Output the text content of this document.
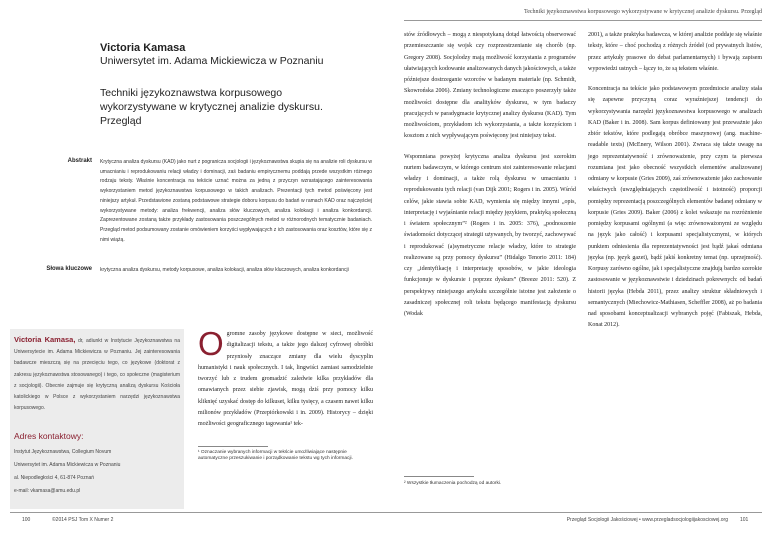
Techniki językoznawstwa korpusowego wykorzystywane w krytycznej analizie dyskursu. Przegląd
Victoria Kamasa
Uniwersytet im. Adama Mickiewicza w Poznaniu
Techniki językoznawstwa korpusowego wykorzystywane w krytycznej analizie dyskursu. Przegląd
Abstrakt Krytyczna analiza dyskursu (KAD) jako nurt z pogranicza socjologii i językoznawstwa skupia się na analizie roli dyskursu w umacnianiu i reprodukowaniu relacji władzy i dominacji, zaś badaniu empirycznemu poddają przede wszystkim różnego rodzaju teksty. Właśnie koncentracja na tekście uznać można za jedną z przyczyn wzrastającego zainteresowania wykorzystaniem metod językoznawstwa korpusowego w takich analizach. Prezentacji tych metod poświęcony jest niniejszy artykuł. Przedstawione zostaną podstawowe strategie doboru korpusu do badań w ramach KAD oraz najczęściej wykorzystywane metody: analiza frekwencji, analiza słów kluczowych, analiza kolokacji i analiza konkordancji. Zaprezentowane zostaną także przykłady zastosowania poszczególnych metod w różnorodnych tematycznie badaniach. Przegląd metod podsumowany zostanie omówieniem korzyści wypływających z ich zastosowania oraz kosztów, które się z nimi wiążą.
Słowa kluczowe krytyczna analiza dyskursu, metody korpusowe, analiza kolokacji, analiza słów kluczowych, analiza konkordancji
Victoria Kamasa, dr, adiunkt w Instytucie Językoznawstwa na Uniwersytecie im. Adama Mickiewicza w Poznaniu. Jej zainteresowania badawcze mieszczą się na przecięciu tego, co językowe (doktorat z zakresu językoznawstwa stosowanego) i tego, co społeczne (magisterium z socjologii). Obecnie zajmuje się krytyczną analizą dyskursu Kościoła katolickiego w Polsce z wykorzystaniem narzędzi językoznawstwa korpusowego.
Adres kontaktowy:
Instytut Językoznawstwa, Collegium Novum
Uniwersytet im. Adama Mickiewicza w Poznaniu
al. Niepodległości 4, 61-874 Poznań
e-mail: vkamasa@amu.edu.pl
Ogromne zasoby językowe dostępne w sieci, możliwość digitalizacji tekstu, a także jego dalszej cyfrowej obróbki przyniosły znaczące zmiany dla wielu dyscyplin humanistyki i nauk społecznych. I tak, lingwiści zamiast samodzielnie tworzyć lub z trudem gromadzić zaledwie kilka przykładów dla omawianych przez siebie zjawisk, mogą dziś przy pomocy kilku kliknięć uzyskać dostęp do kilkuset, kilku tysięcy, a czasem nawet kilku milionów przykładów (Przepiórkowski i in. 2009). Historycy – dzięki możliwości geograficznego tagowania¹ tek-
¹ Oznaczanie wybranych informacji w tekście umożliwiające następnie automatyczne przeszukiwanie i porządkowanie tekstu wg tych informacji.

stów źródłowych – mogą z niespotykaną dotąd łatwością obserwować przemieszczanie się wojsk czy rozprzestrzenianie się chorób (np. Gregory 2008). Socjolodzy mają możliwość korzystania z programów ułatwiających kodowanie analizowanych danych jakościowych, a także późniejsze dostrzeganie wzorców w badanym materiale (np. Schmidt, Skowrońska 2006). Zmiany technologiczne znacząco poszerzyły także możliwości dostępne dla analityków dyskursu, w tym badaczy pracujących w paradygmacie krytycznej analizy dyskursu (KAD). Tym możliwościom, przykładom ich wykorzystania, a także korzyściom i kosztom z nich wypływającym poświęcony jest niniejszy tekst.

Wspomniana powyżej krytyczna analiza dyskursu jest szerokim nurtem badawczym, w którego centrum stoi zainteresowanie relacjami władzy i dominacji, a także rolą dyskursu w umacnianiu i reprodukowaniu tych relacji (van Dijk 2001; Rogers i in. 2005). Wśród celów, jakie stawia sobie KAD, wymienia się między innymi „opis, interpretację i wyjaśnianie relacji między językiem, praktyką społeczną i światem społecznym”² (Rogers i in. 2005: 376), „podnoszenie świadomości dotyczącej strategii używanych, by tworzyć, zachowywać i reprodukować (a)symetryczne relacje władzy, które to strategie realizowane są przy pomocy dyskursu” (Hidalgo Tenorio 2011: 184) czy „identyfikację i interpretację sposobów, w jakie ideologia funkcjonuje w dyskursie i poprzez dyskurs” (Breeze 2011: 520). Z perspektywy niniejszego artykułu szczególnie istotne jest założenie o zasadniczej społecznej roli tekstu będącego manifestacją dyskursu (Wodak

² Wszystkie tłumaczenia pochodzą od autorki.

2001), a także praktyka badawcza, w której analizie poddaje się właśnie teksty, które – choć pochodzą z różnych źródeł (od prywatnych listów, przez artykuły prasowe do debat parlamentarnych) i bywają zapisem wypowiedzi ustnych – łączy to, że są tekstem właśnie.

Koncentracja na tekście jako podstawowym przedmiocie analizy stała się zapewne przyczyną coraz wyraźniejszej tendencji do wykorzystywania narzędzi językoznawstwa korpusowego w analizach KAD (Baker i in. 2008). Sam korpus definiowany jest przeważnie jako zbiór tekstów, które podlegają obróbce maszynowej (ang. machine-readable texts) (McEnery, Wilson 2001). Zwraca się także uwagę na jego reprezentatywność i zrównoważenie, przy czym ta pierwsza rozumiana jest jako obecność wszystkich elementów analizowanej odmiany w korpusie (Gries 2009), zaś zrównoważenie jako zachowanie właściwych (uwzględniających częstotliwość i istotność) proporcji pomiędzy reprezentacją poszczególnych elementów badanej odmiany w korpusie (Gries 2009). Baker (2006) z kolei wskazuje na rozróżnienie pomiędzy korpusami ogólnymi (a więc zrównoważonymi ze względu na język jako całość) i korpusami specjalistycznymi, w których punktem odniesienia dla reprezentatywności jest bądź jakaś odmiana języka (np. język gazet), bądź jakiś konkretny temat (np. uprzejmość). Korpusy zarówno ogólne, jak i specjalistyczne znajdują bardzo szerokie zastosowanie w językoznawstwie i dziedzinach pokrewnych: od badań historii języka (Hebda 2011), przez analizy struktur składniowych i semantycznych (Miechowicz-Mathiasen, Scheffler 2008), aż po badania nad sposobami konceptualizacji wybranych pojęć (Fabiszak, Hebda, Konat 2012).

100	©2014 PSJ Tom X Numer 2	Przegląd Socjologii Jakościowej • www.przegladsocjologiijakosciowej.org 101
